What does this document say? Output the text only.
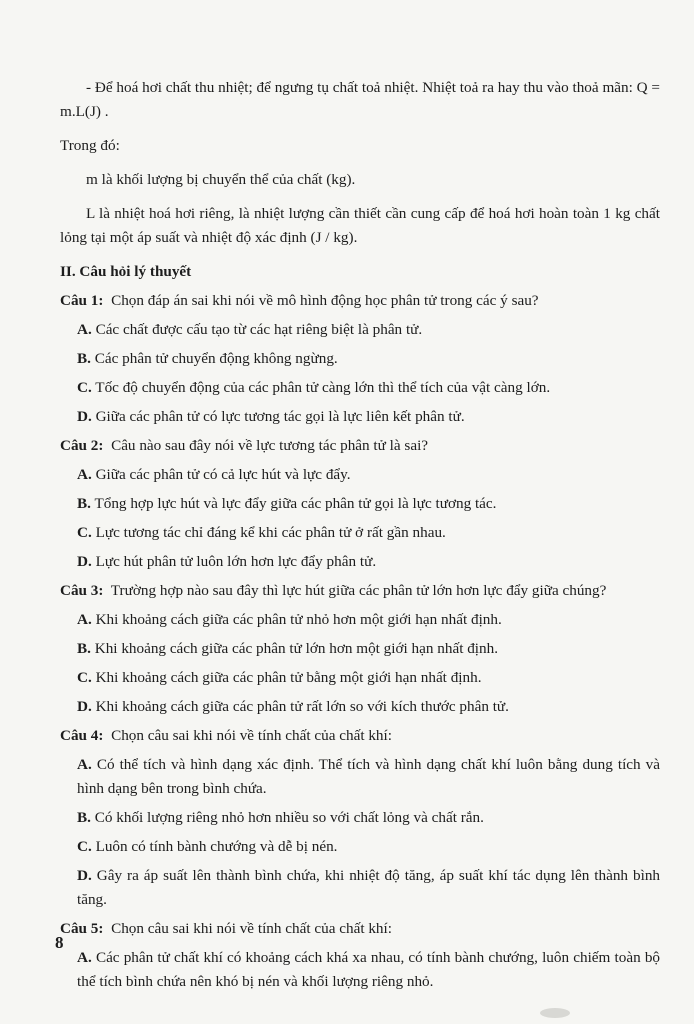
- Để hoá hơi chất thu nhiệt; để ngưng tụ chất toả nhiệt. Nhiệt toả ra hay thu vào thoả mãn: Q = m.L(J) .

Trong đó:

m là khối lượng bị chuyển thể của chất (kg).

L là nhiệt hoá hơi riêng, là nhiệt lượng cần thiết cần cung cấp để hoá hơi hoàn toàn 1 kg chất lỏng tại một áp suất và nhiệt độ xác định (J / kg).

II. Câu hỏi lý thuyết

Câu 1: Chọn đáp án sai khi nói về mô hình động học phân tử trong các ý sau?

A. Các chất được cấu tạo từ các hạt riêng biệt là phân tử.

B. Các phân tử chuyển động không ngừng.

C. Tốc độ chuyển động của các phân tử càng lớn thì thể tích của vật càng lớn.

D. Giữa các phân tử có lực tương tác gọi là lực liên kết phân tử.

Câu 2: Câu nào sau đây nói về lực tương tác phân tử là sai?

A. Giữa các phân tử có cả lực hút và lực đẩy.

B. Tổng hợp lực hút và lực đẩy giữa các phân tử gọi là lực tương tác.

C. Lực tương tác chỉ đáng kể khi các phân tử ở rất gần nhau.

D. Lực hút phân tử luôn lớn hơn lực đẩy phân tử.

Câu 3: Trường hợp nào sau đây thì lực hút giữa các phân tử lớn hơn lực đẩy giữa chúng?

A. Khi khoảng cách giữa các phân tử nhỏ hơn một giới hạn nhất định.

B. Khi khoảng cách giữa các phân tử lớn hơn một giới hạn nhất định.

C. Khi khoảng cách giữa các phân tử bằng một giới hạn nhất định.

D. Khi khoảng cách giữa các phân tử rất lớn so với kích thước phân tử.

Câu 4: Chọn câu sai khi nói về tính chất của chất khí:

A. Có thể tích và hình dạng xác định. Thể tích và hình dạng chất khí luôn bằng dung tích và hình dạng bên trong bình chứa.

B. Có khối lượng riêng nhỏ hơn nhiều so với chất lỏng và chất rắn.

C. Luôn có tính bành chướng và dễ bị nén.

D. Gây ra áp suất lên thành bình chứa, khi nhiệt độ tăng, áp suất khí tác dụng lên thành bình tăng.

Câu 5: Chọn câu sai khi nói về tính chất của chất khí:

A. Các phân tử chất khí có khoảng cách khá xa nhau, có tính bành chướng, luôn chiếm toàn bộ thể tích bình chứa nên khó bị nén và khối lượng riêng nhỏ.

8
